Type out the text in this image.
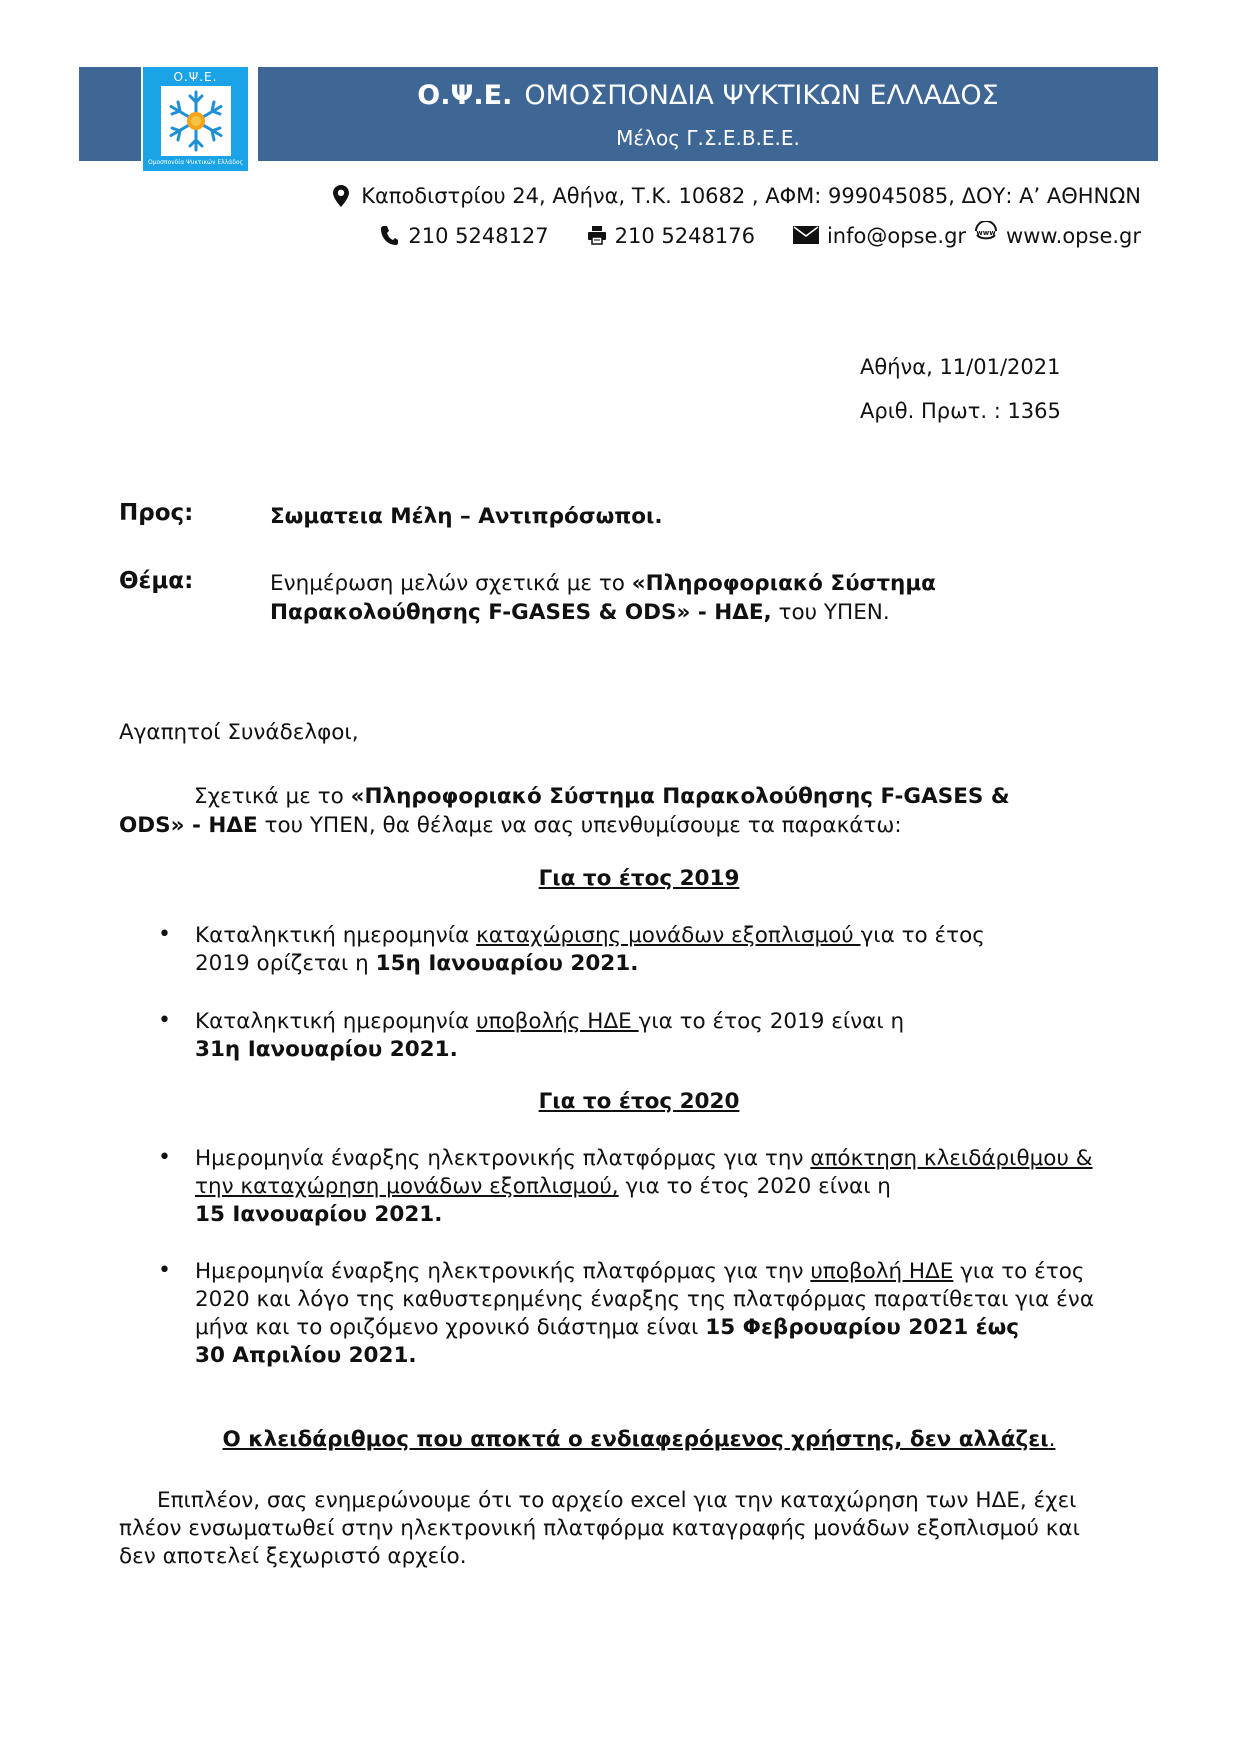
Ο.Ψ.Ε.
Ομοσπονδία Ψυκτικών Ελλάδος
Ο.Ψ.Ε. ΟΜΟΣΠΟΝΔΙΑ ΨΥΚΤΙΚΩΝ ΕΛΛΑΔΟΣ
Μέλος Γ.Σ.Ε.Β.Ε.Ε.
Καποδιστρίου 24, Αθήνα, Τ.Κ. 10682 , ΑΦΜ: 999045085, ΔΟΥ: Α’ ΑΘΗΝΩΝ
210 5248127	210 5248176	info@opse.gr www www.opse.gr
Αθήνα, 11/01/2021
Αριθ. Πρωτ. : 1365
Προς:	Σωματεια Μέλη – Αντιπρόσωποι.
Θέμα:	Ενημέρωση μελών σχετικά με το «Πληροφοριακό Σύστημα
Παρακολούθησης F-GASES & ODS» - ΗΔΕ, του ΥΠΕΝ.
Αγαπητοί Συνάδελφοι,
Σχετικά με το «Πληροφοριακό Σύστημα Παρακολούθησης F-GASES &
ODS» - ΗΔΕ του ΥΠΕΝ, θα θέλαμε να σας υπενθυμίσουμε τα παρακάτω:
Για το έτος 2019
• Καταληκτική ημερομηνία καταχώρισης μονάδων εξοπλισμού για το έτος
2019 ορίζεται η 15η Ιανουαρίου 2021.
• Καταληκτική ημερομηνία υποβολής ΗΔΕ για το έτος 2019 είναι η
31η Ιανουαρίου 2021.
Για το έτος 2020
• Ημερομηνία έναρξης ηλεκτρονικής πλατφόρμας για την απόκτηση κλειδάριθμου &
την καταχώρηση μονάδων εξοπλισμού, για το έτος 2020 είναι η
15 Ιανουαρίου 2021.
• Ημερομηνία έναρξης ηλεκτρονικής πλατφόρμας για την υποβολή ΗΔΕ για το έτος
2020 και λόγο της καθυστερημένης έναρξης της πλατφόρμας παρατίθεται για ένα
μήνα και το οριζόμενο χρονικό διάστημα είναι 15 Φεβρουαρίου 2021 έως
30 Απριλίου 2021.
Ο κλειδάριθμος που αποκτά ο ενδιαφερόμενος χρήστης, δεν αλλάζει.
Επιπλέον, σας ενημερώνουμε ότι το αρχείο excel για την καταχώρηση των ΗΔΕ, έχει
πλέον ενσωματωθεί στην ηλεκτρονική πλατφόρμα καταγραφής μονάδων εξοπλισμού και
δεν αποτελεί ξεχωριστό αρχείο.
